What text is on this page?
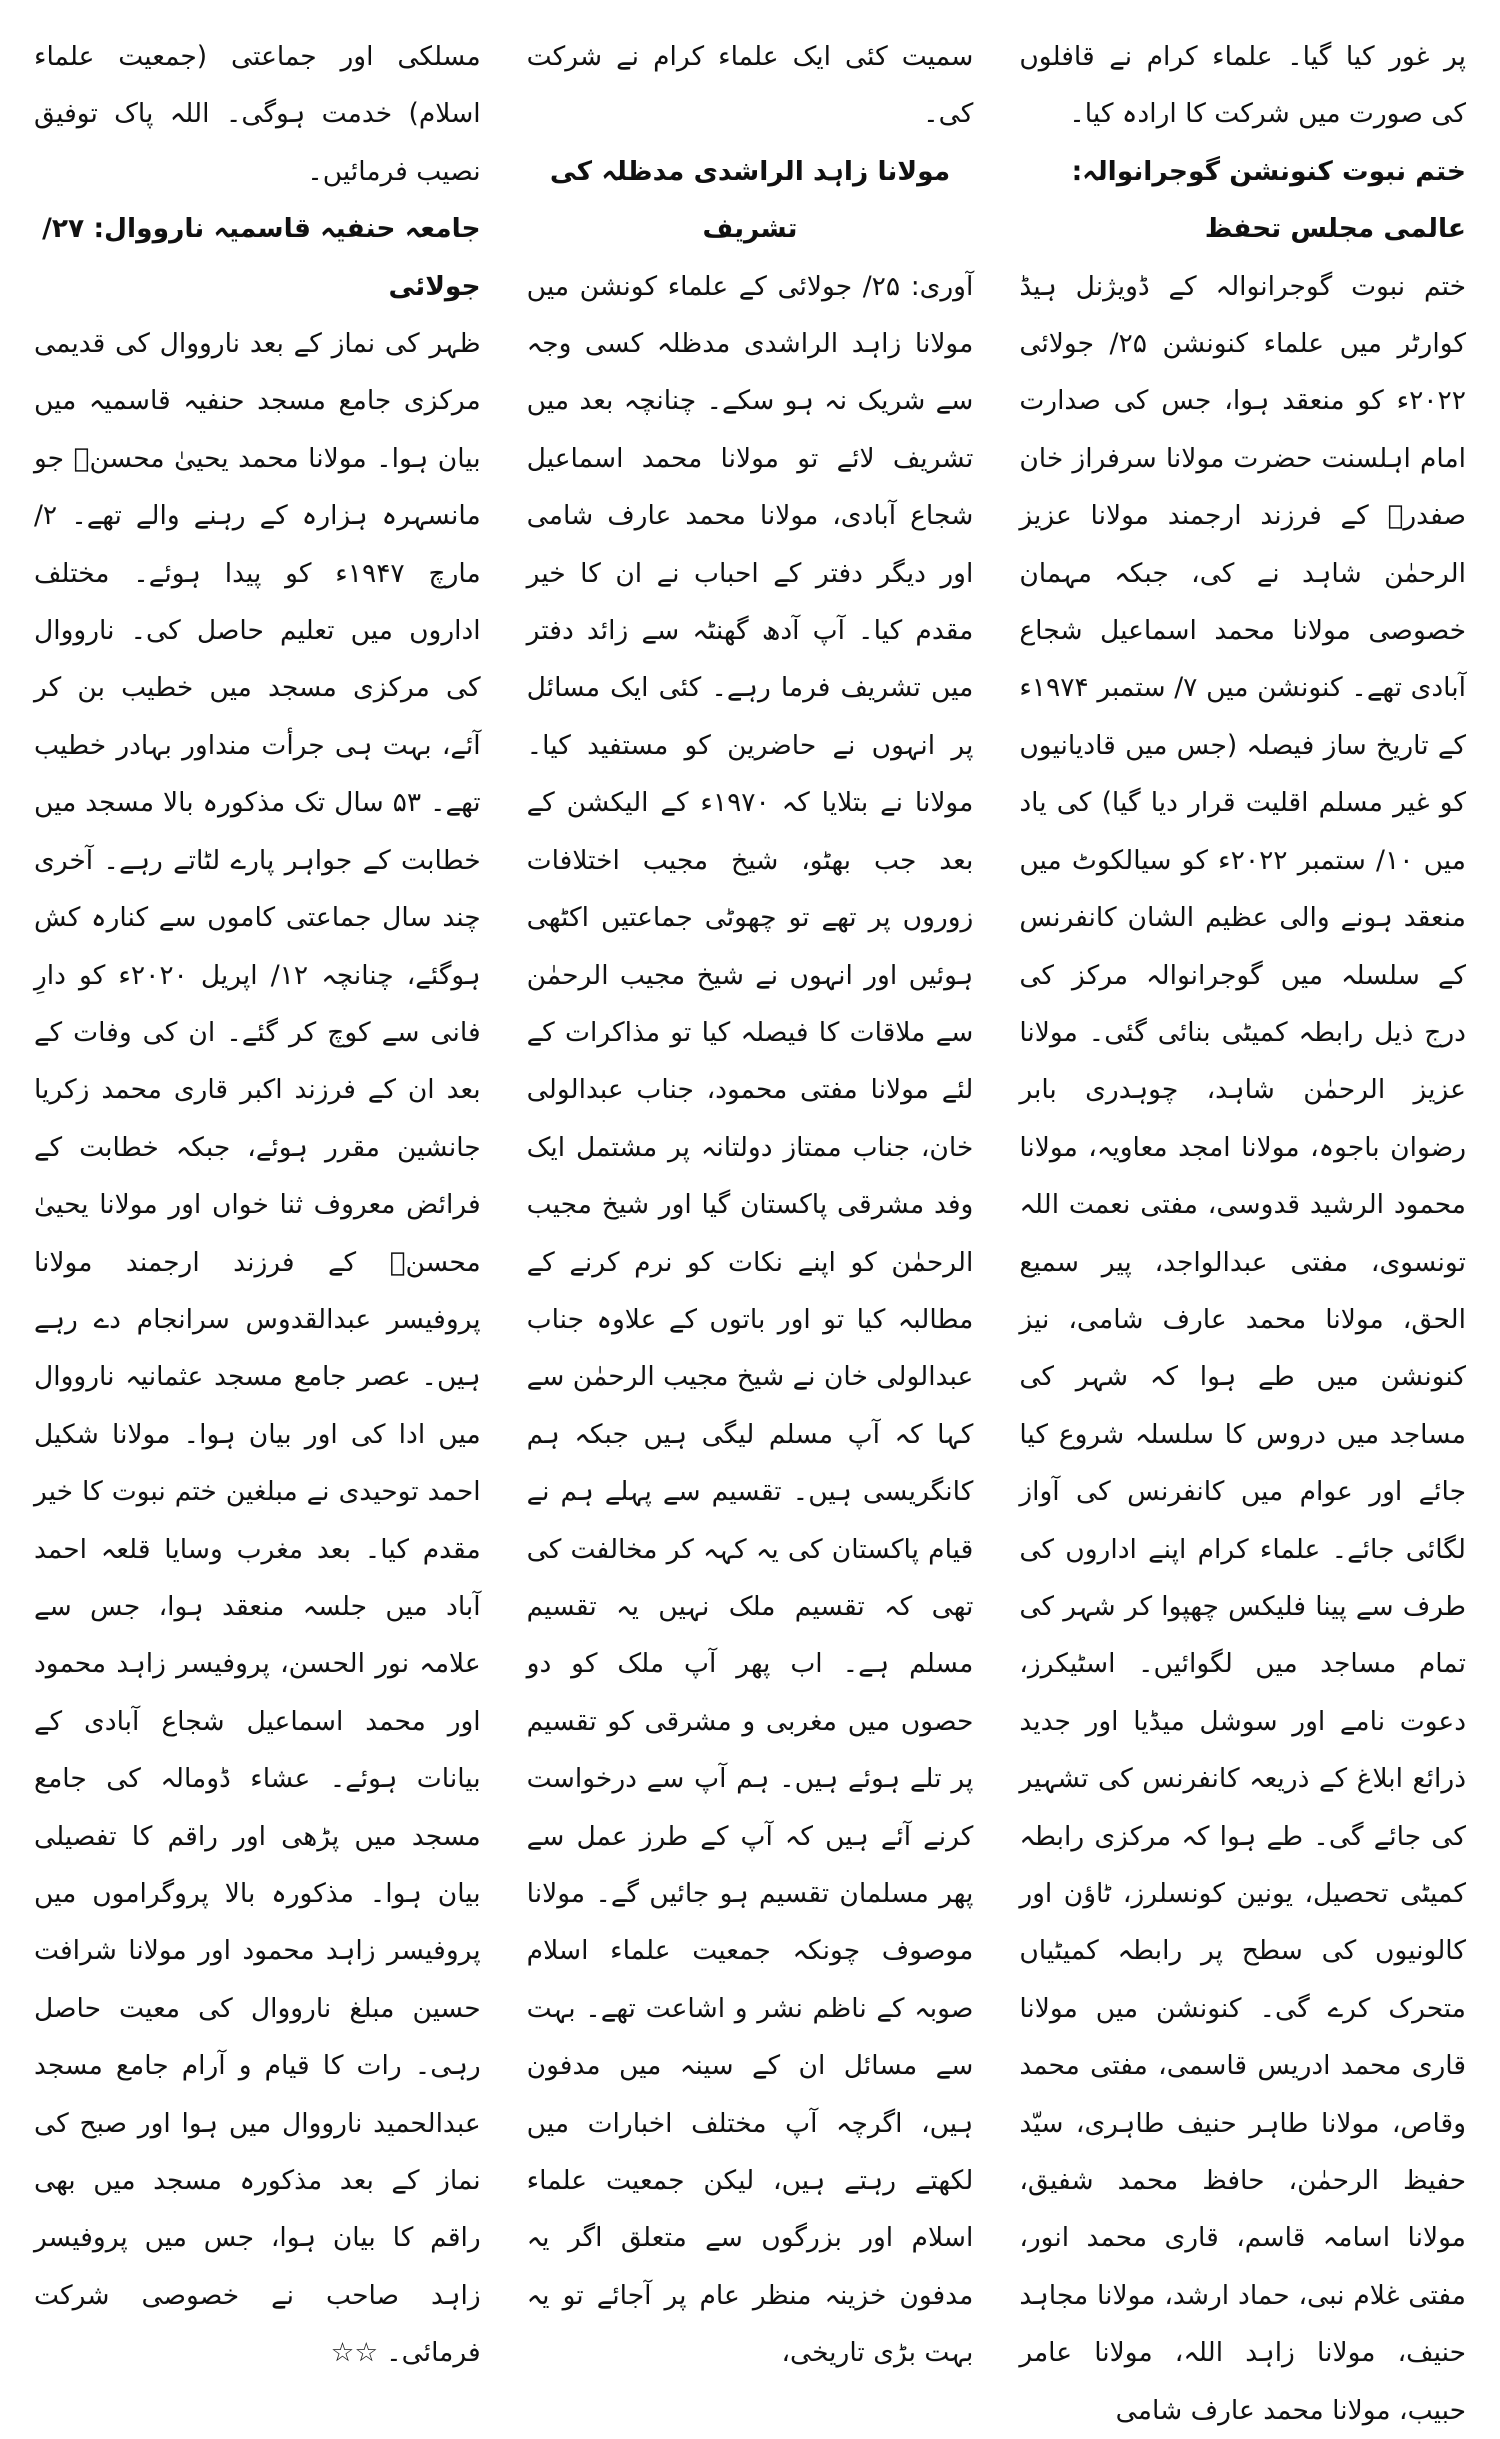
پر غور کیا گیا۔ علماء کرام نے قافلوں کی صورت میں شرکت کا ارادہ کیا۔

ختم نبوت کنونشن گوجرانوالہ: عالمی مجلس تحفظ

ختم نبوت گوجرانوالہ کے ڈویژنل ہیڈ کوارٹر میں علماء کنونشن ۲۵/ جولائی ۲۰۲۲ء کو منعقد ہوا، جس کی صدارت امام اہلسنت حضرت مولانا سرفراز خان صفدرؒ کے فرزند ارجمند مولانا عزیز الرحمٰن شاہد نے کی، جبکہ مہمان خصوصی مولانا محمد اسماعیل شجاع آبادی تھے۔ کنونشن میں ۷/ ستمبر ۱۹۷۴ء کے تاریخ ساز فیصلہ (جس میں قادیانیوں کو غیر مسلم اقلیت قرار دیا گیا) کی یاد میں ۱۰/ ستمبر ۲۰۲۲ء کو سیالکوٹ میں منعقد ہونے والی عظیم الشان کانفرنس کے سلسلہ میں گوجرانوالہ مرکز کی درج ذیل رابطہ کمیٹی بنائی گئی۔ مولانا عزیز الرحمٰن شاہد، چوہدری بابر رضوان باجوہ، مولانا امجد معاویہ، مولانا محمود الرشید قدوسی، مفتی نعمت اللہ تونسوی، مفتی عبدالواجد، پیر سمیع الحق، مولانا محمد عارف شامی، نیز کنونشن میں طے ہوا کہ شہر کی مساجد میں دروس کا سلسلہ شروع کیا جائے اور عوام میں کانفرنس کی آواز لگائی جائے۔ علماء کرام اپنے اداروں کی طرف سے پینا فلیکس چھپوا کر شہر کی تمام مساجد میں لگوائیں۔ اسٹیکرز، دعوت نامے اور سوشل میڈیا اور جدید ذرائع ابلاغ کے ذریعہ کانفرنس کی تشہیر کی جائے گی۔ طے ہوا کہ مرکزی رابطہ کمیٹی تحصیل، یونین کونسلرز، ٹاؤن اور کالونیوں کی سطح پر رابطہ کمیٹیاں متحرک کرے گی۔ کنونشن میں مولانا قاری محمد ادریس قاسمی، مفتی محمد وقاص، مولانا طاہر حنیف طاہری، سیّد حفیظ الرحمٰن، حافظ محمد شفیق، مولانا اسامہ قاسم، قاری محمد انور، مفتی غلام نبی، حماد ارشد، مولانا مجاہد حنیف، مولانا زاہد اللہ، مولانا عامر حبیب، مولانا محمد عارف شامی

سمیت کئی ایک علماء کرام نے شرکت کی۔

مولانا زاہد الراشدی مدظلہ کی تشریف

آوری: ۲۵/ جولائی کے علماء کونشن میں مولانا زاہد الراشدی مدظلہ کسی وجہ سے شریک نہ ہو سکے۔ چنانچہ بعد میں تشریف لائے تو مولانا محمد اسماعیل شجاع آبادی، مولانا محمد عارف شامی اور دیگر دفتر کے احباب نے ان کا خیر مقدم کیا۔ آپ آدھ گھنٹہ سے زائد دفتر میں تشریف فرما رہے۔ کئی ایک مسائل پر انہوں نے حاضرین کو مستفید کیا۔ مولانا نے بتلایا کہ ۱۹۷۰ء کے الیکشن کے بعد جب بھٹو، شیخ مجیب اختلافات زوروں پر تھے تو چھوٹی جماعتیں اکٹھی ہوئیں اور انہوں نے شیخ مجیب الرحمٰن سے ملاقات کا فیصلہ کیا تو مذاکرات کے لئے مولانا مفتی محمود، جناب عبدالولی خان، جناب ممتاز دولتانہ پر مشتمل ایک وفد مشرقی پاکستان گیا اور شیخ مجیب الرحمٰن کو اپنے نکات کو نرم کرنے کے مطالبہ کیا تو اور باتوں کے علاوہ جناب عبدالولی خان نے شیخ مجیب الرحمٰن سے کہا کہ آپ مسلم لیگی ہیں جبکہ ہم کانگریسی ہیں۔ تقسیم سے پہلے ہم نے قیام پاکستان کی یہ کہہ کر مخالفت کی تھی کہ تقسیم ملک نہیں یہ تقسیم مسلم ہے۔ اب پھر آپ ملک کو دو حصوں میں مغربی و مشرقی کو تقسیم پر تلے ہوئے ہیں۔ ہم آپ سے درخواست کرنے آئے ہیں کہ آپ کے طرز عمل سے پھر مسلمان تقسیم ہو جائیں گے۔ مولانا موصوف چونکہ جمعیت علماء اسلام صوبہ کے ناظم نشر و اشاعت تھے۔ بہت سے مسائل ان کے سینہ میں مدفون ہیں، اگرچہ آپ مختلف اخبارات میں لکھتے رہتے ہیں، لیکن جمعیت علماء اسلام اور بزرگوں سے متعلق اگر یہ مدفون خزینہ منظر عام پر آجائے تو یہ بہت بڑی تاریخی،

مسلکی اور جماعتی (جمعیت علماء اسلام) خدمت ہوگی۔ اللہ پاک توفیق نصیب فرمائیں۔

جامعہ حنفیہ قاسمیہ نارووال: ۲۷/ جولائی

ظہر کی نماز کے بعد نارووال کی قدیمی مرکزی جامع مسجد حنفیہ قاسمیہ میں بیان ہوا۔ مولانا محمد یحییٰ محسنؒ جو مانسہرہ ہزارہ کے رہنے والے تھے۔ ۲/ مارچ ۱۹۴۷ء کو پیدا ہوئے۔ مختلف اداروں میں تعلیم حاصل کی۔ نارووال کی مرکزی مسجد میں خطیب بن کر آئے، بہت ہی جرأت منداور بہادر خطیب تھے۔ ۵۳ سال تک مذکورہ بالا مسجد میں خطابت کے جواہر پارے لٹاتے رہے۔ آخری چند سال جماعتی کاموں سے کنارہ کش ہوگئے، چنانچہ ۱۲/ اپریل ۲۰۲۰ء کو دارِ فانی سے کوچ کر گئے۔ ان کی وفات کے بعد ان کے فرزند اکبر قاری محمد زکریا جانشین مقرر ہوئے، جبکہ خطابت کے فرائض معروف ثنا خواں اور مولانا یحییٰ محسنؒ کے فرزند ارجمند مولانا پروفیسر عبدالقدوس سرانجام دے رہے ہیں۔ عصر جامع مسجد عثمانیہ نارووال میں ادا کی اور بیان ہوا۔ مولانا شکیل احمد توحیدی نے مبلغین ختم نبوت کا خیر مقدم کیا۔ بعد مغرب وسایا قلعہ احمد آباد میں جلسہ منعقد ہوا، جس سے علامہ نور الحسن، پروفیسر زاہد محمود اور محمد اسماعیل شجاع آبادی کے بیانات ہوئے۔ عشاء ڈومالہ کی جامع مسجد میں پڑھی اور راقم کا تفصیلی بیان ہوا۔ مذکورہ بالا پروگراموں میں پروفیسر زاہد محمود اور مولانا شرافت حسین مبلغ نارووال کی معیت حاصل رہی۔ رات کا قیام و آرام جامع مسجد عبدالحمید نارووال میں ہوا اور صبح کی نماز کے بعد مذکورہ مسجد میں بھی راقم کا بیان ہوا، جس میں پروفیسر زاہد صاحب نے خصوصی شرکت فرمائی۔☆☆
